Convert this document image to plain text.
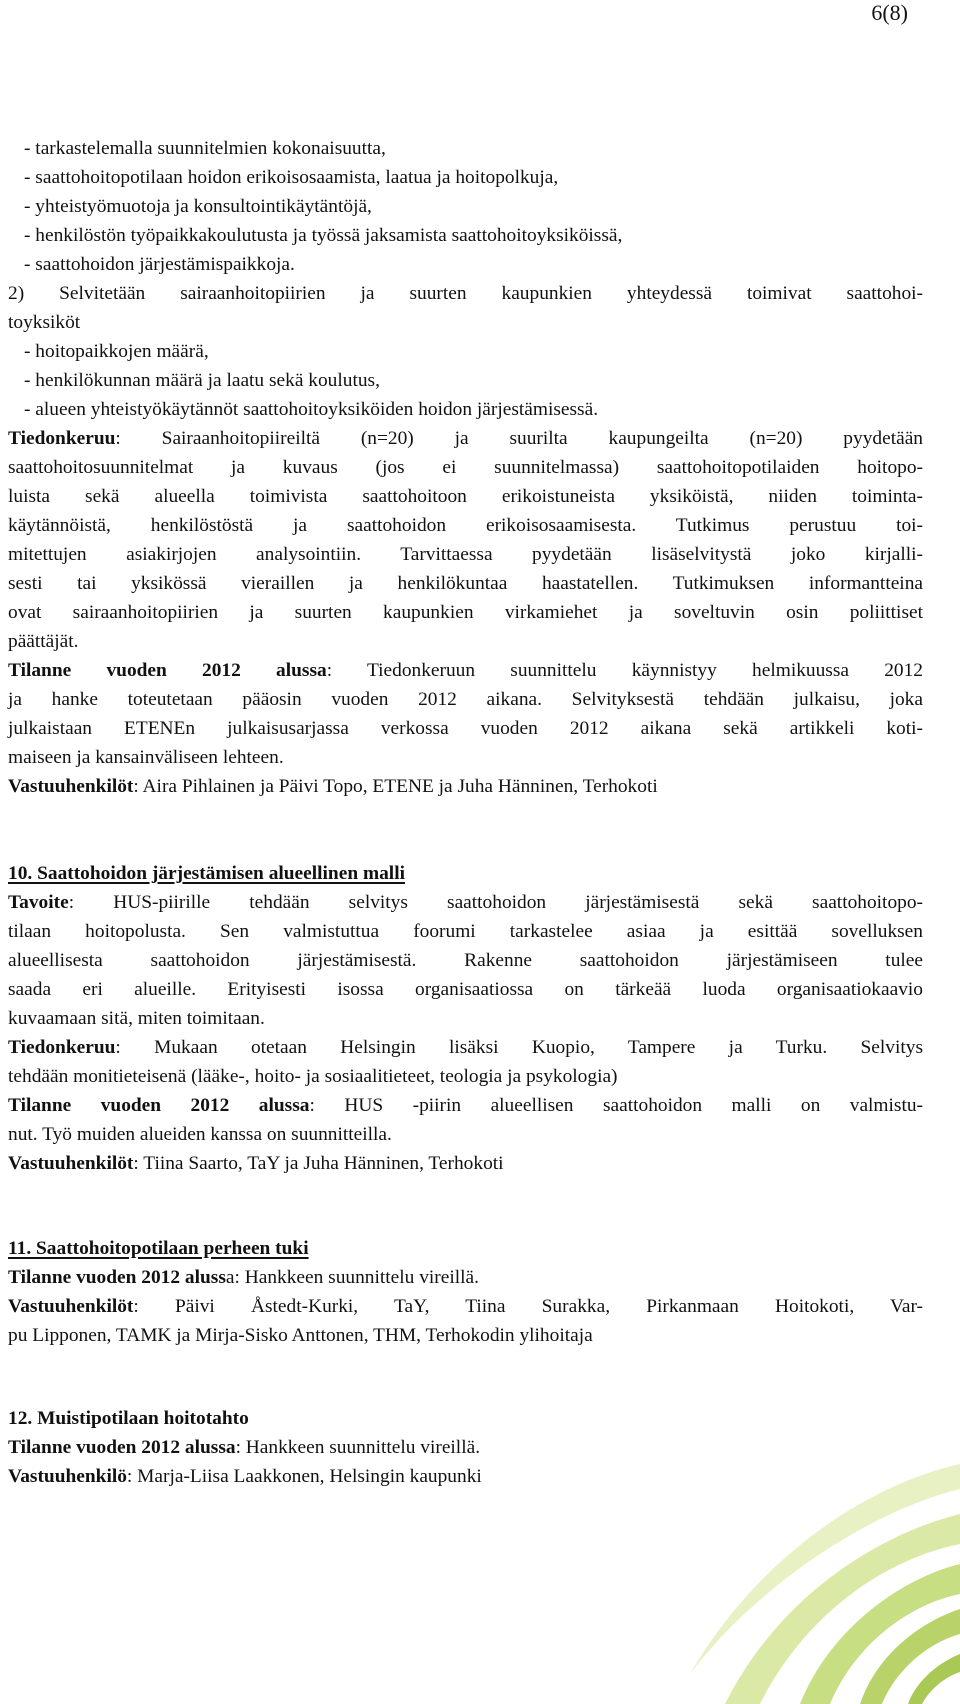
6(8)
- tarkastelemalla suunnitelmien kokonaisuutta,
- saattohoitopotilaan hoidon erikoisosaamista, laatua ja hoitopolkuja,
- yhteistyömuotoja ja konsultointikäytäntöjä,
- henkilöstön työpaikkakoulutusta ja työssä jaksamista saattohoitoyksiköissä,
- saattohoidon järjestämispaikkoja.
2) Selvitetään sairaanhoitopiirien ja suurten kaupunkien yhteydessä toimivat saattohoi-
toyksiköt
- hoitopaikkojen määrä,
- henkilökunnan määrä ja laatu sekä koulutus,
- alueen yhteistyökäytännöt saattohoitoyksiköiden hoidon järjestämisessä.
Tiedonkeruu: Sairaanhoitopiireiltä (n=20) ja suurilta kaupungeilta (n=20) pyydetään
saattohoitosuunnitelmat ja kuvaus (jos ei suunnitelmassa) saattohoitopotilaiden hoitopo-
luista sekä alueella toimivista saattohoitoon erikoistuneista yksiköistä, niiden toiminta-
käytännöistä, henkilöstöstä ja saattohoidon erikoisosaamisesta. Tutkimus perustuu toi-
mitettujen asiakirjojen analysointiin. Tarvittaessa pyydetään lisäselvitystä joko kirjalli-
sesti tai yksikössä vieraillen ja henkilökuntaa haastatellen. Tutkimuksen informantteina
ovat sairaanhoitopiirien ja suurten kaupunkien virkamiehet ja soveltuvin osin poliittiset
päättäjät.
Tilanne vuoden 2012 alussa: Tiedonkeruun suunnittelu käynnistyy helmikuussa 2012
ja hanke toteutetaan pääosin vuoden 2012 aikana. Selvityksestä tehdään julkaisu, joka
julkaistaan ETENEn julkaisusarjassa verkossa vuoden 2012 aikana sekä artikkeli koti-
maiseen ja kansainväliseen lehteen.
Vastuuhenkilöt: Aira Pihlainen ja Päivi Topo, ETENE ja Juha Hänninen, Terhokoti
10. Saattohoidon järjestämisen alueellinen malli
Tavoite: HUS-piirille tehdään selvitys saattohoidon järjestämisestä sekä saattohoitopo-
tilaan hoitopolusta. Sen valmistuttua foorumi tarkastelee asiaa ja esittää sovelluksen
alueellisesta saattohoidon järjestämisestä. Rakenne saattohoidon järjestämiseen tulee
saada eri alueille. Erityisesti isossa organisaatiossa on tärkeää luoda organisaatiokaavio
kuvaamaan sitä, miten toimitaan.
Tiedonkeruu: Mukaan otetaan Helsingin lisäksi Kuopio, Tampere ja Turku. Selvitys
tehdään monitieteisenä (lääke-, hoito- ja sosiaalitieteet, teologia ja psykologia)
Tilanne vuoden 2012 alussa: HUS -piirin alueellisen saattohoidon malli on valmistu-
nut. Työ muiden alueiden kanssa on suunnitteilla.
Vastuuhenkilöt: Tiina Saarto, TaY ja Juha Hänninen, Terhokoti
11. Saattohoitopotilaan perheen tuki
Tilanne vuoden 2012 alussa: Hankkeen suunnittelu vireillä.
Vastuuhenkilöt: Päivi Åstedt-Kurki, TaY, Tiina Surakka, Pirkanmaan Hoitokoti, Var-
pu Lipponen, TAMK ja Mirja-Sisko Anttonen, THM, Terhokodin ylihoitaja
12. Muistipotilaan hoitotahto
Tilanne vuoden 2012 alussa: Hankkeen suunnittelu vireillä.
Vastuuhenkilö: Marja-Liisa Laakkonen, Helsingin kaupunki
